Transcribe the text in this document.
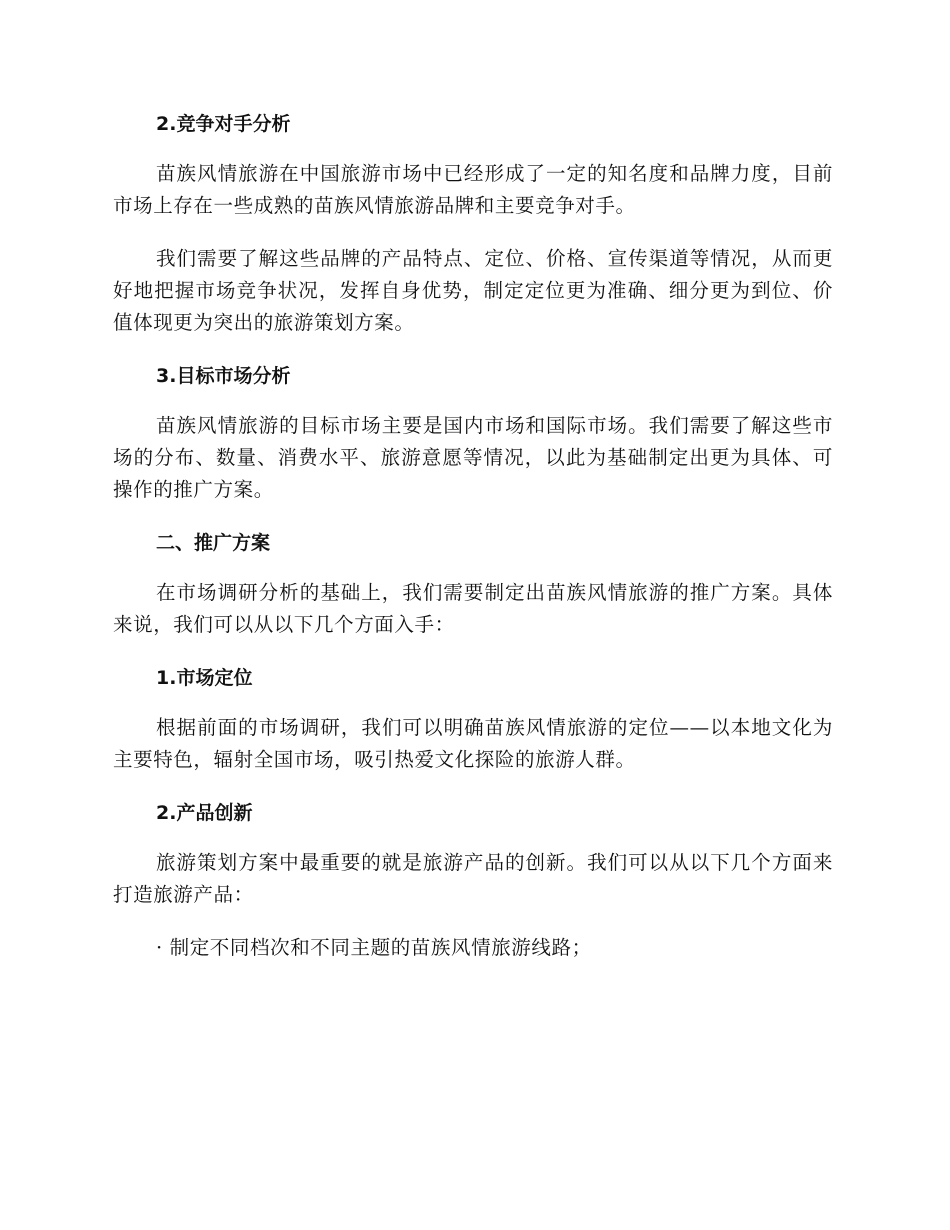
2.竞争对手分析

苗族风情旅游在中国旅游市场中已经形成了一定的知名度和品牌力度，目前市场上存在一些成熟的苗族风情旅游品牌和主要竞争对手。

我们需要了解这些品牌的产品特点、定位、价格、宣传渠道等情况，从而更好地把握市场竞争状况，发挥自身优势，制定定位更为准确、细分更为到位、价值体现更为突出的旅游策划方案。

3.目标市场分析

苗族风情旅游的目标市场主要是国内市场和国际市场。我们需要了解这些市场的分布、数量、消费水平、旅游意愿等情况，以此为基础制定出更为具体、可操作的推广方案。

二、推广方案

在市场调研分析的基础上，我们需要制定出苗族风情旅游的推广方案。具体来说，我们可以从以下几个方面入手：

1.市场定位

根据前面的市场调研，我们可以明确苗族风情旅游的定位——以本地文化为主要特色，辐射全国市场，吸引热爱文化探险的旅游人群。

2.产品创新

旅游策划方案中最重要的就是旅游产品的创新。我们可以从以下几个方面来打造旅游产品：

· 制定不同档次和不同主题的苗族风情旅游线路；
